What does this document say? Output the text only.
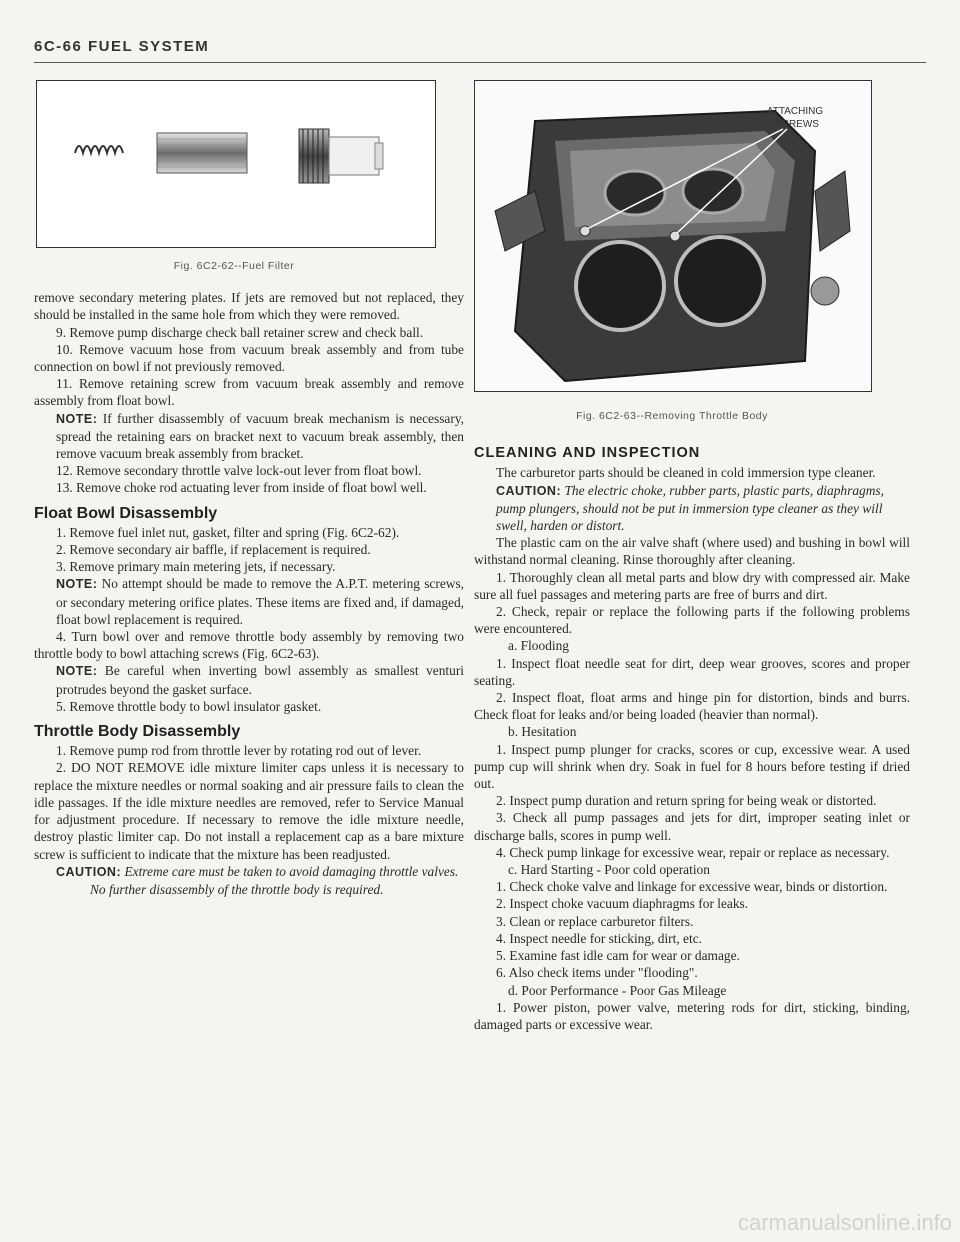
6C-66 FUEL SYSTEM
Fig. 6C2-62--Fuel Filter

remove secondary metering plates. If jets are removed but not replaced, they should be installed in the same hole from which they were removed.

9. Remove pump discharge check ball retainer screw and check ball.

10. Remove vacuum hose from vacuum break assembly and from tube connection on bowl if not previously removed.

11. Remove retaining screw from vacuum break assembly and remove assembly from float bowl.

NOTE: If further disassembly of vacuum break mechanism is necessary, spread the retaining ears on bracket next to vacuum break assembly, then remove vacuum break assembly from bracket.

12. Remove secondary throttle valve lock-out lever from float bowl.

13. Remove choke rod actuating lever from inside of float bowl well.

Float Bowl Disassembly

1. Remove fuel inlet nut, gasket, filter and spring (Fig. 6C2-62).

2. Remove secondary air baffle, if replacement is required.

3. Remove primary main metering jets, if necessary.

NOTE: No attempt should be made to remove the A.P.T. metering screws, or secondary metering orifice plates. These items are fixed and, if damaged, float bowl replacement is required.

4. Turn bowl over and remove throttle body assembly by removing two throttle body to bowl attaching screws (Fig. 6C2-63).

NOTE: Be careful when inverting bowl assembly as smallest venturi protrudes beyond the gasket surface.

5. Remove throttle body to bowl insulator gasket.

Throttle Body Disassembly

1. Remove pump rod from throttle lever by rotating rod out of lever.

2. DO NOT REMOVE idle mixture limiter caps unless it is necessary to replace the mixture needles or normal soaking and air pressure fails to clean the idle passages. If the idle mixture needles are removed, refer to Service Manual for adjustment procedure. If necessary to remove the idle mixture needle, destroy plastic limiter cap. Do not install a replacement cap as a bare mixture screw is sufficient to indicate that the mixture has been readjusted.

CAUTION: Extreme care must be taken to avoid damaging throttle valves.

No further disassembly of the throttle body is required.

ATTACHING
SCREWS
Fig. 6C2-63--Removing Throttle Body
CLEANING AND INSPECTION

The carburetor parts should be cleaned in cold immersion type cleaner.

CAUTION: The electric choke, rubber parts, plastic parts, diaphragms, pump plungers, should not be put in immersion type cleaner as they will swell, harden or distort.

The plastic cam on the air valve shaft (where used) and bushing in bowl will withstand normal cleaning. Rinse thoroughly after cleaning.

1. Thoroughly clean all metal parts and blow dry with compressed air. Make sure all fuel passages and metering parts are free of burrs and dirt.

2. Check, repair or replace the following parts if the following problems were encountered.

a. Flooding

1. Inspect float needle seat for dirt, deep wear grooves, scores and proper seating.

2. Inspect float, float arms and hinge pin for distortion, binds and burrs. Check float for leaks and/or being loaded (heavier than normal).

b. Hesitation

1. Inspect pump plunger for cracks, scores or cup, excessive wear. A used pump cup will shrink when dry. Soak in fuel for 8 hours before testing if dried out.

2. Inspect pump duration and return spring for being weak or distorted.

3. Check all pump passages and jets for dirt, improper seating inlet or discharge balls, scores in pump well.

4. Check pump linkage for excessive wear, repair or replace as necessary.

c. Hard Starting - Poor cold operation

1. Check choke valve and linkage for excessive wear, binds or distortion.

2. Inspect choke vacuum diaphragms for leaks.

3. Clean or replace carburetor filters.

4. Inspect needle for sticking, dirt, etc.

5. Examine fast idle cam for wear or damage.

6. Also check items under "flooding".

d. Poor Performance - Poor Gas Mileage

1. Power piston, power valve, metering rods for dirt, sticking, binding, damaged parts or excessive wear.

carmanualsonline.info
